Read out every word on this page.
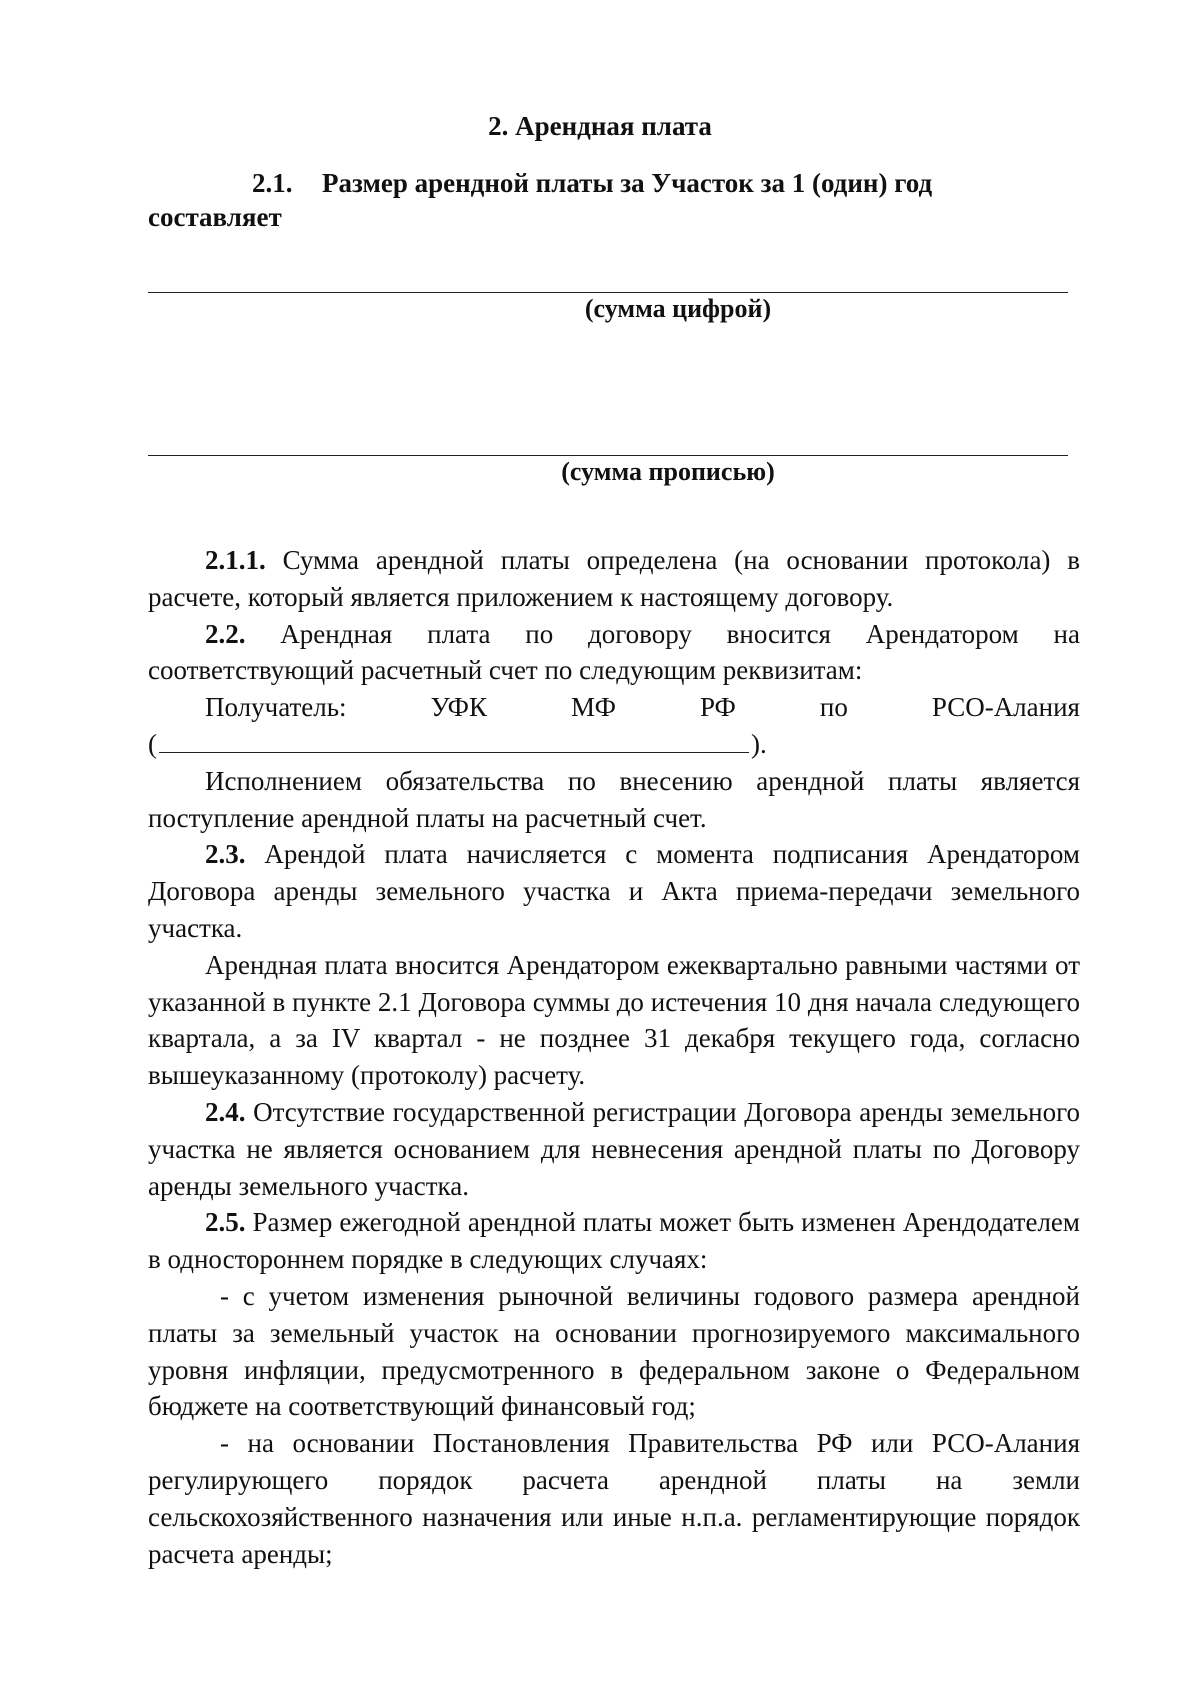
2. Арендная плата
2.1. Размер арендной платы за Участок за 1 (один) год
составляет
(сумма цифрой)
(сумма прописью)

2.1.1. Сумма арендной платы определена (на основании протокола) в расчете, который является приложением к настоящему договору.

2.2. Арендная плата по договору вносится Арендатором на соответствующий расчетный счет по следующим реквизитам:

Получатель:	УФК	МФ	РФ	по	РСО-Алания
(	).

Исполнением обязательства по внесению арендной платы является поступление арендной платы на расчетный счет.

2.3. Арендой плата начисляется с момента подписания Арендатором Договора аренды земельного участка и Акта приема-передачи земельного участка.

Арендная плата вносится Арендатором ежеквартально равными частями от указанной в пункте 2.1 Договора суммы до истечения 10 дня начала следующего квартала, а за IV квартал - не позднее 31 декабря текущего года, согласно вышеуказанному (протоколу) расчету.

2.4. Отсутствие государственной регистрации Договора аренды земельного участка не является основанием для невнесения арендной платы по Договору аренды земельного участка.

2.5. Размер ежегодной арендной платы может быть изменен Арендодателем в одностороннем порядке в следующих случаях:

- с учетом изменения рыночной величины годового размера арендной платы за земельный участок на основании прогнозируемого максимального уровня инфляции, предусмотренного в федеральном законе о Федеральном бюджете на соответствующий финансовый год;

- на основании Постановления Правительства РФ или РСО-Алания регулирующего порядок расчета арендной платы на земли сельскохозяйственного назначения или иные н.п.а. регламентирующие порядок расчета аренды;
